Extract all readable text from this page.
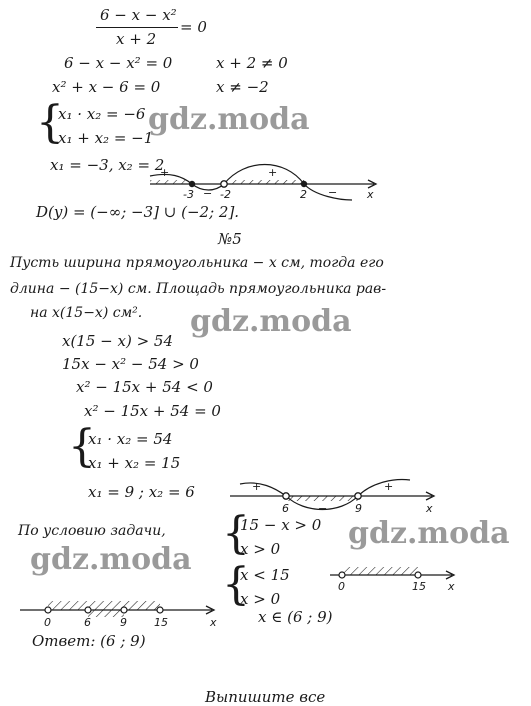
6 − x − x²
x + 2
= 0
6 − x − x² = 0	x + 2 ≠ 0
x² + x − 6 = 0	x ≠ −2
{
x₁ · x₂ = −6
x₁ + x₂ = −1
x₁ = −3, x₂ = 2
D(y) = (−∞; −3] ∪ (−2; 2].
№5
Пусть ширина прямоугольника − x см, тогда его
длина − (15−x) см. Площадь прямоугольника рав-
на x(15−x) см².
x(15 − x) > 54
15x − x² − 54 > 0
x² − 15x + 54 < 0
x² − 15x + 54 = 0
{
x₁ · x₂ = 54
x₁ + x₂ = 15
x₁ = 9 ; x₂ = 6
По условию задачи, {
15 − x > 0
x > 0
{
x < 15
x > 0
x ∈ (6 ; 9)
Ответ: (6 ; 9)
Выпишите все
gdz.moda
gdz.moda
gdz.moda
gdz.moda
-3 -2	2
+
−
+
−	x
6	9
+
−
+
x
0	15 x
0	6	9 15	x
